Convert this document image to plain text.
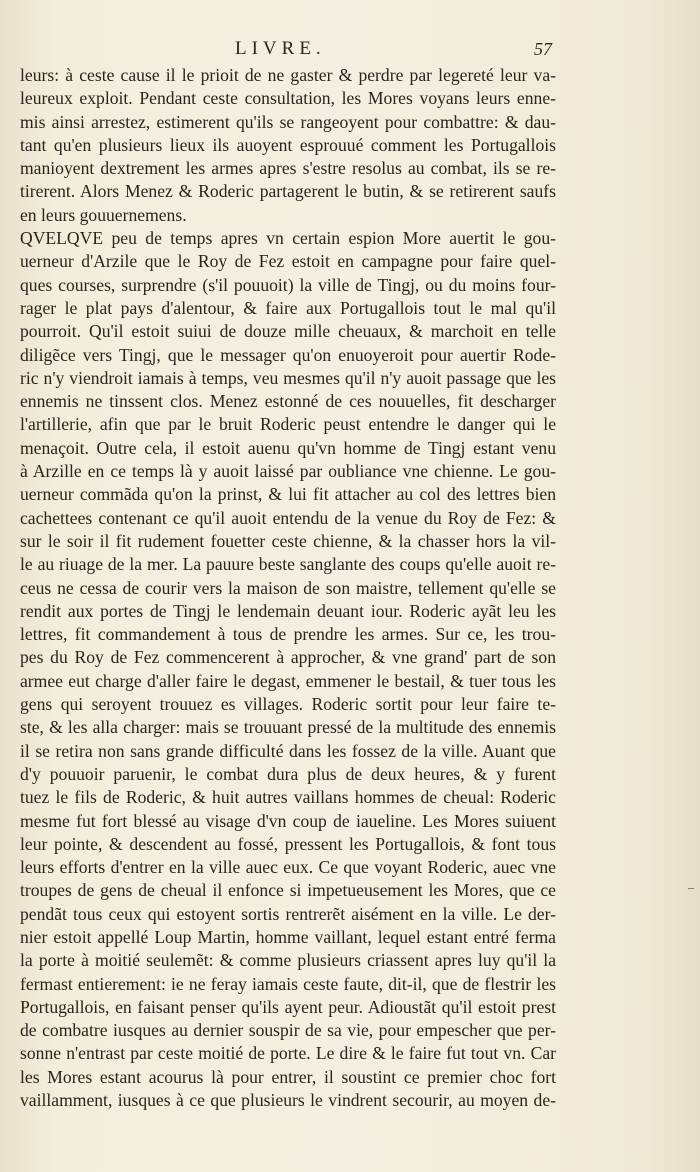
LIVRE.	57
leurs: à ceste cause il le prioit de ne gaster & perdre par legereté leur va-
leureux exploit. Pendant ceste consultation, les Mores voyans leurs enne-
mis ainsi arrestez, estimerent qu'ils se rangeoyent pour combattre: & dau-
tant qu'en plusieurs lieux ils auoyent esprouué comment les Portugallois
manioyent dextrement les armes apres s'estre resolus au combat, ils se re-
tirerent. Alors Menez & Roderic partagerent le butin, & se retirerent saufs
en leurs gouuernemens.
QVELQVE peu de temps apres vn certain espion More auertit le gou-
uerneur d'Arzile que le Roy de Fez estoit en campagne pour faire quel-
ques courses, surprendre (s'il pouuoit) la ville de Tingj, ou du moins four-
rager le plat pays d'alentour, & faire aux Portugallois tout le mal qu'il
pourroit. Qu'il estoit suiui de douze mille cheuaux, & marchoit en telle
diligẽce vers Tingj, que le messager qu'on enuoyeroit pour auertir Rode-
ric n'y viendroit iamais à temps, veu mesmes qu'il n'y auoit passage que les
ennemis ne tinssent clos. Menez estonné de ces nouuelles, fit descharger
l'artillerie, afin que par le bruit Roderic peust entendre le danger qui le
menaçoit. Outre cela, il estoit auenu qu'vn homme de Tingj estant venu
à Arzille en ce temps là y auoit laissé par oubliance vne chienne. Le gou-
uerneur commãda qu'on la prinst, & lui fit attacher au col des lettres bien
cachettees contenant ce qu'il auoit entendu de la venue du Roy de Fez: &
sur le soir il fit rudement fouetter ceste chienne, & la chasser hors la vil-
le au riuage de la mer. La pauure beste sanglante des coups qu'elle auoit re-
ceus ne cessa de courir vers la maison de son maistre, tellement qu'elle se
rendit aux portes de Tingj le lendemain deuant iour. Roderic ayãt leu les
lettres, fit commandement à tous de prendre les armes. Sur ce, les trou-
pes du Roy de Fez commencerent à approcher, & vne grand' part de son
armee eut charge d'aller faire le degast, emmener le bestail, & tuer tous les
gens qui seroyent trouuez es villages. Roderic sortit pour leur faire te-
ste, & les alla charger: mais se trouuant pressé de la multitude des ennemis
il se retira non sans grande difficulté dans les fossez de la ville. Auant que
d'y pouuoir paruenir, le combat dura plus de deux heures, & y furent
tuez le fils de Roderic, & huit autres vaillans hommes de cheual: Roderic
mesme fut fort blessé au visage d'vn coup de iaueline. Les Mores suiuent
leur pointe, & descendent au fossé, pressent les Portugallois, & font tous
leurs efforts d'entrer en la ville auec eux. Ce que voyant Roderic, auec vne
troupes de gens de cheual il enfonce si impetueusement les Mores, que ce
pendãt tous ceux qui estoyent sortis rentrerẽt aisément en la ville. Le der-
nier estoit appellé Loup Martin, homme vaillant, lequel estant entré ferma
la porte à moitié seulemẽt: & comme plusieurs criassent apres luy qu'il la
fermast entierement: ie ne feray iamais ceste faute, dit-il, que de flestrir les
Portugallois, en faisant penser qu'ils ayent peur. Adioustãt qu'il estoit prest
de combatre iusques au dernier souspir de sa vie, pour empescher que per-
sonne n'entrast par ceste moitié de porte. Le dire & le faire fut tout vn. Car
les Mores estant acourus là pour entrer, il soustint ce premier choc fort
vaillamment, iusques à ce que plusieurs le vindrent secourir, au moyen de-
